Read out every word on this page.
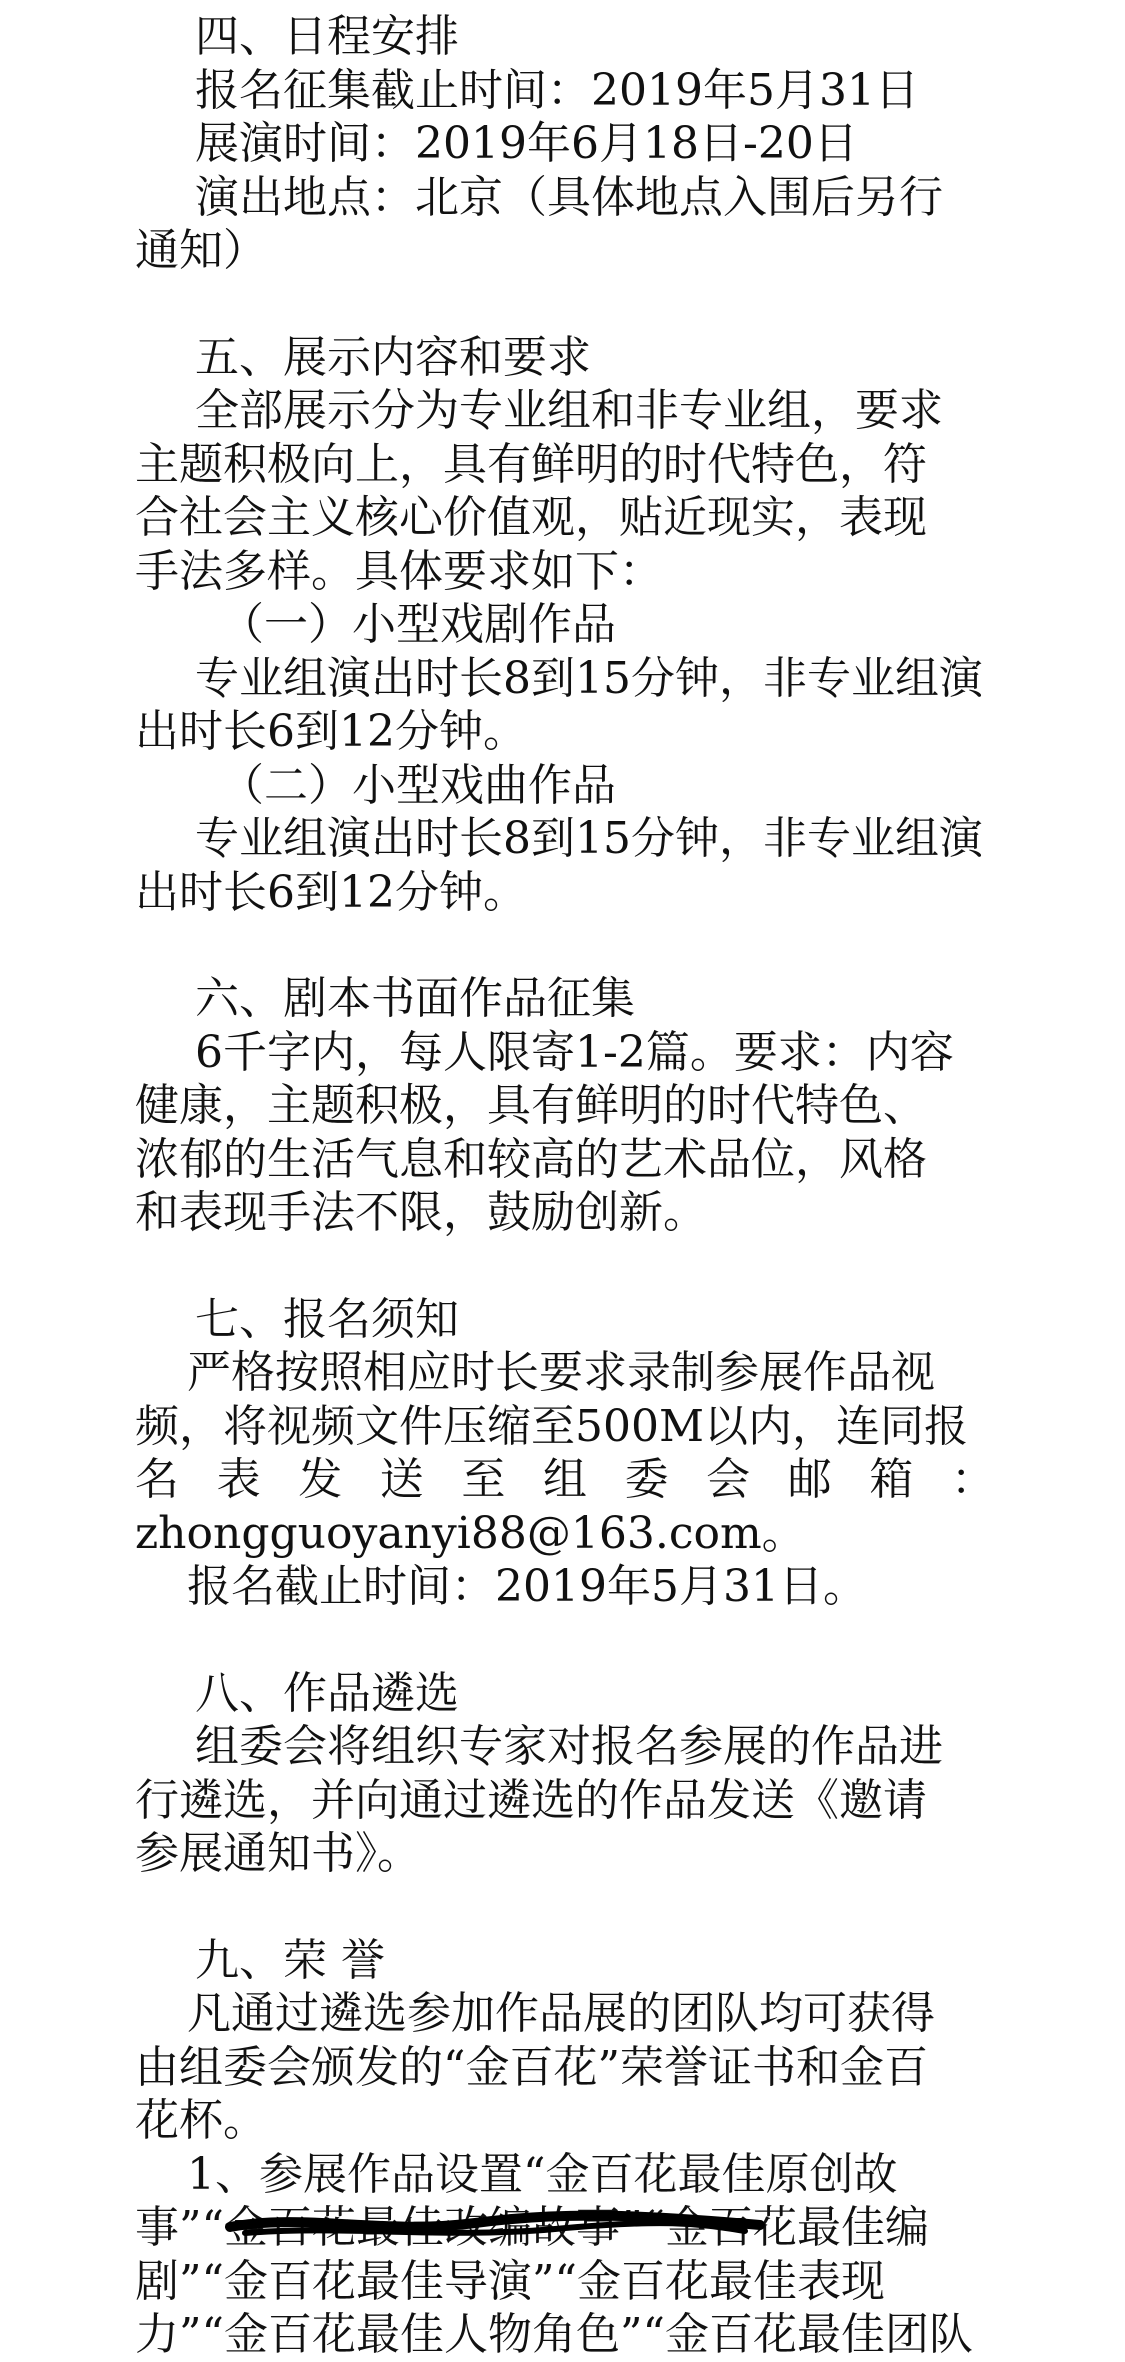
四、日程安排
报名征集截止时间：2019年5月31日
展演时间：2019年6月18日-20日
演出地点：北京（具体地点入围后另行
通知）
五、展示内容和要求
全部展示分为专业组和非专业组，要求
主题积极向上，具有鲜明的时代特色，符
合社会主义核心价值观，贴近现实，表现
手法多样。具体要求如下：
（一）小型戏剧作品
专业组演出时长8到15分钟，非专业组演
出时长6到12分钟。
（二）小型戏曲作品
专业组演出时长8到15分钟，非专业组演
出时长6到12分钟。
六、剧本书面作品征集
6千字内，每人限寄1-2篇。要求：内容
健康，主题积极，具有鲜明的时代特色、
浓郁的生活气息和较高的艺术品位，风格
和表现手法不限，鼓励创新。
七、报名须知
严格按照相应时长要求录制参展作品视
频，将视频文件压缩至500M以内，连同报
名 表 发 送 至 组 委 会 邮 箱 ：
zhongguoyanyi88@163.com。
报名截止时间：2019年5月31日。
八、作品遴选
组委会将组织专家对报名参展的作品进
行遴选，并向通过遴选的作品发送《邀请
参展通知书》。
九、荣 誉
凡通过遴选参加作品展的团队均可获得
由组委会颁发的“金百花”荣誉证书和金百
花杯。
1、参展作品设置“金百花最佳原创故
事”“金百花最佳改编故事”“金百花最佳编
剧”“金百花最佳导演”“金百花最佳表现
力”“金百花最佳人物角色”“金百花最佳团队
